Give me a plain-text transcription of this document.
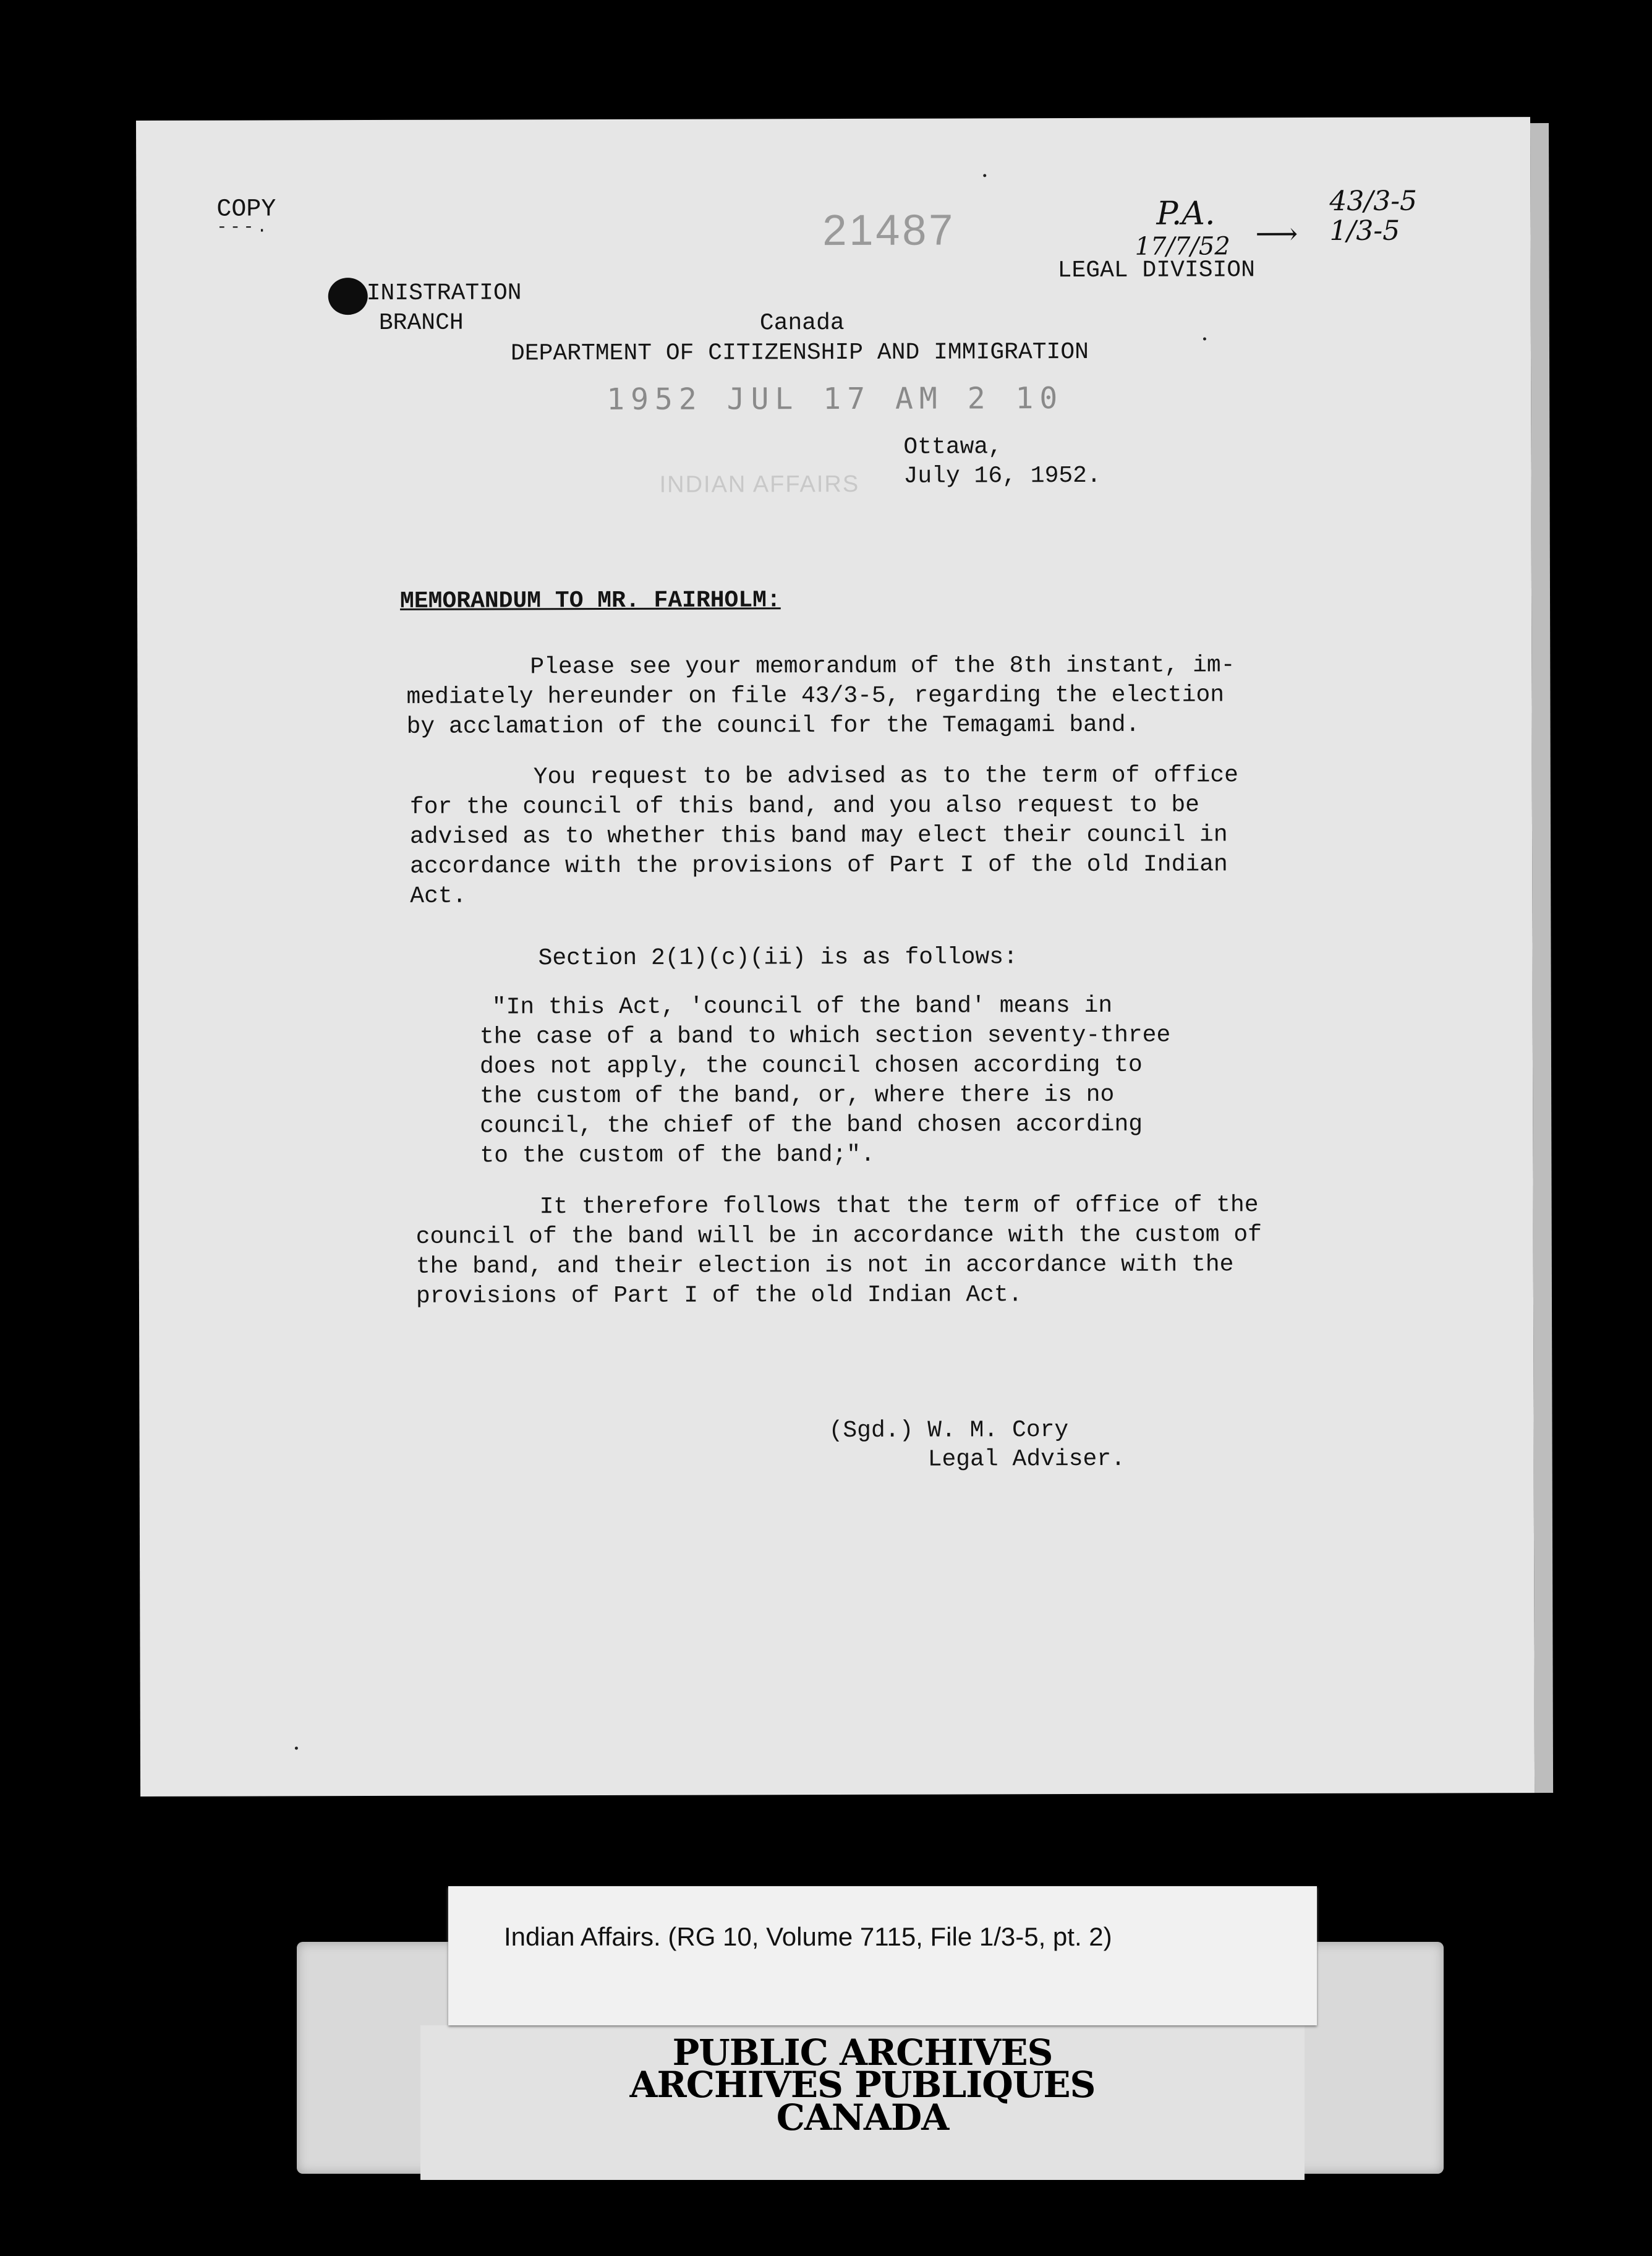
COPY
- - - .	21487	P.A.
17/7/52 ⟶
43/3-5
1/3-5
LEGAL DIVISION
INISTRATION
BRANCH	Canada
DEPARTMENT OF CITIZENSHIP AND IMMIGRATION
1952 JUL 17 AM 2 10
INDIAN AFFAIRS
Ottawa,
July 16, 1952.
MEMORANDUM TO MR. FAIRHOLM:
Please see your memorandum of the 8th instant, im-
mediately hereunder on file 43/3-5, regarding the election
by acclamation of the council for the Temagami band.
You request to be advised as to the term of office
for the council of this band, and you also request to be
advised as to whether this band may elect their council in
accordance with the provisions of Part I of the old Indian
Act.
Section 2(1)(c)(ii) is as follows:
"In this Act, 'council of the band' means in
the case of a band to which section seventy-three
does not apply, the council chosen according to
the custom of the band, or, where there is no
council, the chief of the band chosen according
to the custom of the band;".
It therefore follows that the term of office of the
council of the band will be in accordance with the custom of
the band, and their election is not in accordance with the
provisions of Part I of the old Indian Act.
(Sgd.) W. M. Cory
Legal Adviser.
Indian Affairs. (RG 10, Volume 7115, File 1/3-5, pt. 2)
PUBLIC ARCHIVES
ARCHIVES PUBLIQUES
CANADA
